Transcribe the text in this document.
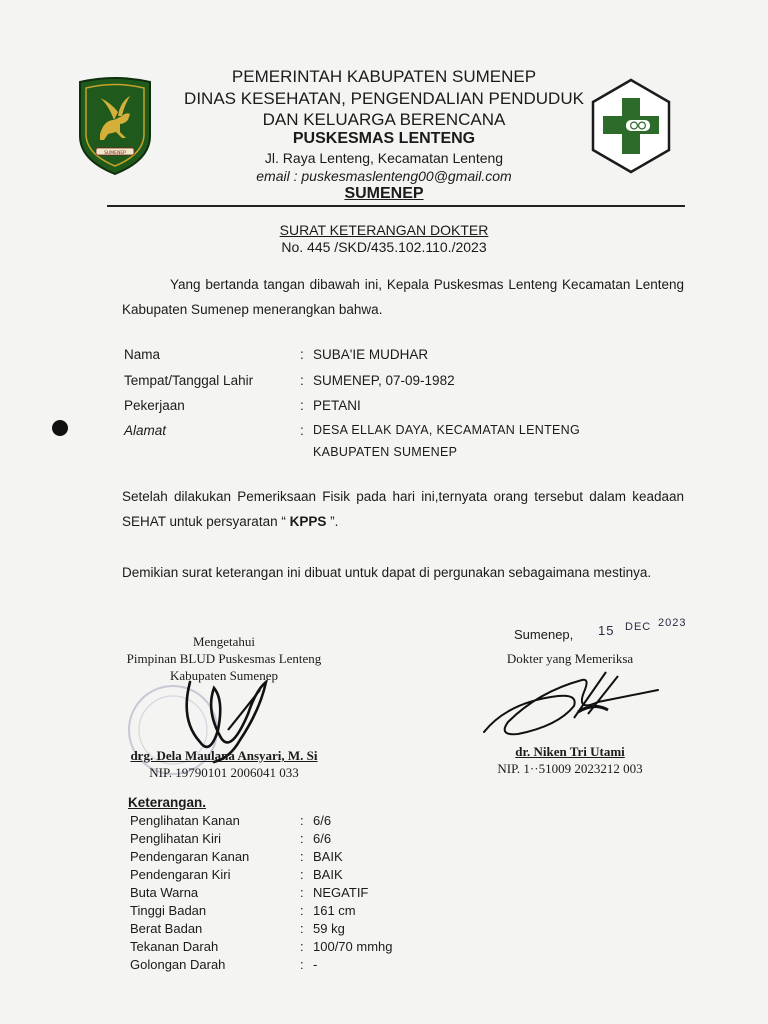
SUMENEP
PEMERINTAH KABUPATEN SUMENEP
DINAS KESEHATAN, PENGENDALIAN PENDUDUK
DAN KELUARGA BERENCANA
PUSKESMAS LENTENG
Jl. Raya Lenteng, Kecamatan Lenteng
email : puskesmaslenteng00@gmail.com
SUMENEP
SURAT KETERANGAN DOKTER
No. 445 /SKD/435.102.110./2023
Yang bertanda tangan dibawah ini, Kepala Puskesmas Lenteng Kecamatan Lenteng Kabupaten Sumenep menerangkan bahwa.
Nama	: SUBA'IE MUDHAR
Tempat/Tanggal Lahir	: SUMENEP, 07-09-1982
Pekerjaan	: PETANI
Alamat	: DESA ELLAK DAYA, KECAMATAN LENTENG
KABUPATEN SUMENEP
Setelah dilakukan Pemeriksaan Fisik pada hari ini,ternyata orang tersebut dalam keadaan SEHAT untuk persyaratan “ KPPS ”.
Demikian surat keterangan ini dibuat untuk dapat di pergunakan sebagaimana mestinya.
Mengetahui
Pimpinan BLUD Puskesmas Lenteng
Kabupaten Sumenep
drg. Dela Maulana Ansyari, M. Si
NIP. 19790101 2006041 033
Sumenep, 15 DEC 2023
Dokter yang Memeriksa
dr. Niken Tri Utami
NIP. 1··51009 2023212 003
Keterangan.
Penglihatan Kanan	: 6/6
Penglihatan Kiri	: 6/6
Pendengaran Kanan	: BAIK
Pendengaran Kiri	: BAIK
Buta Warna	: NEGATIF
Tinggi Badan	: 161 cm
Berat Badan	: 59 kg
Tekanan Darah	: 100/70 mmhg
Golongan Darah	: -
